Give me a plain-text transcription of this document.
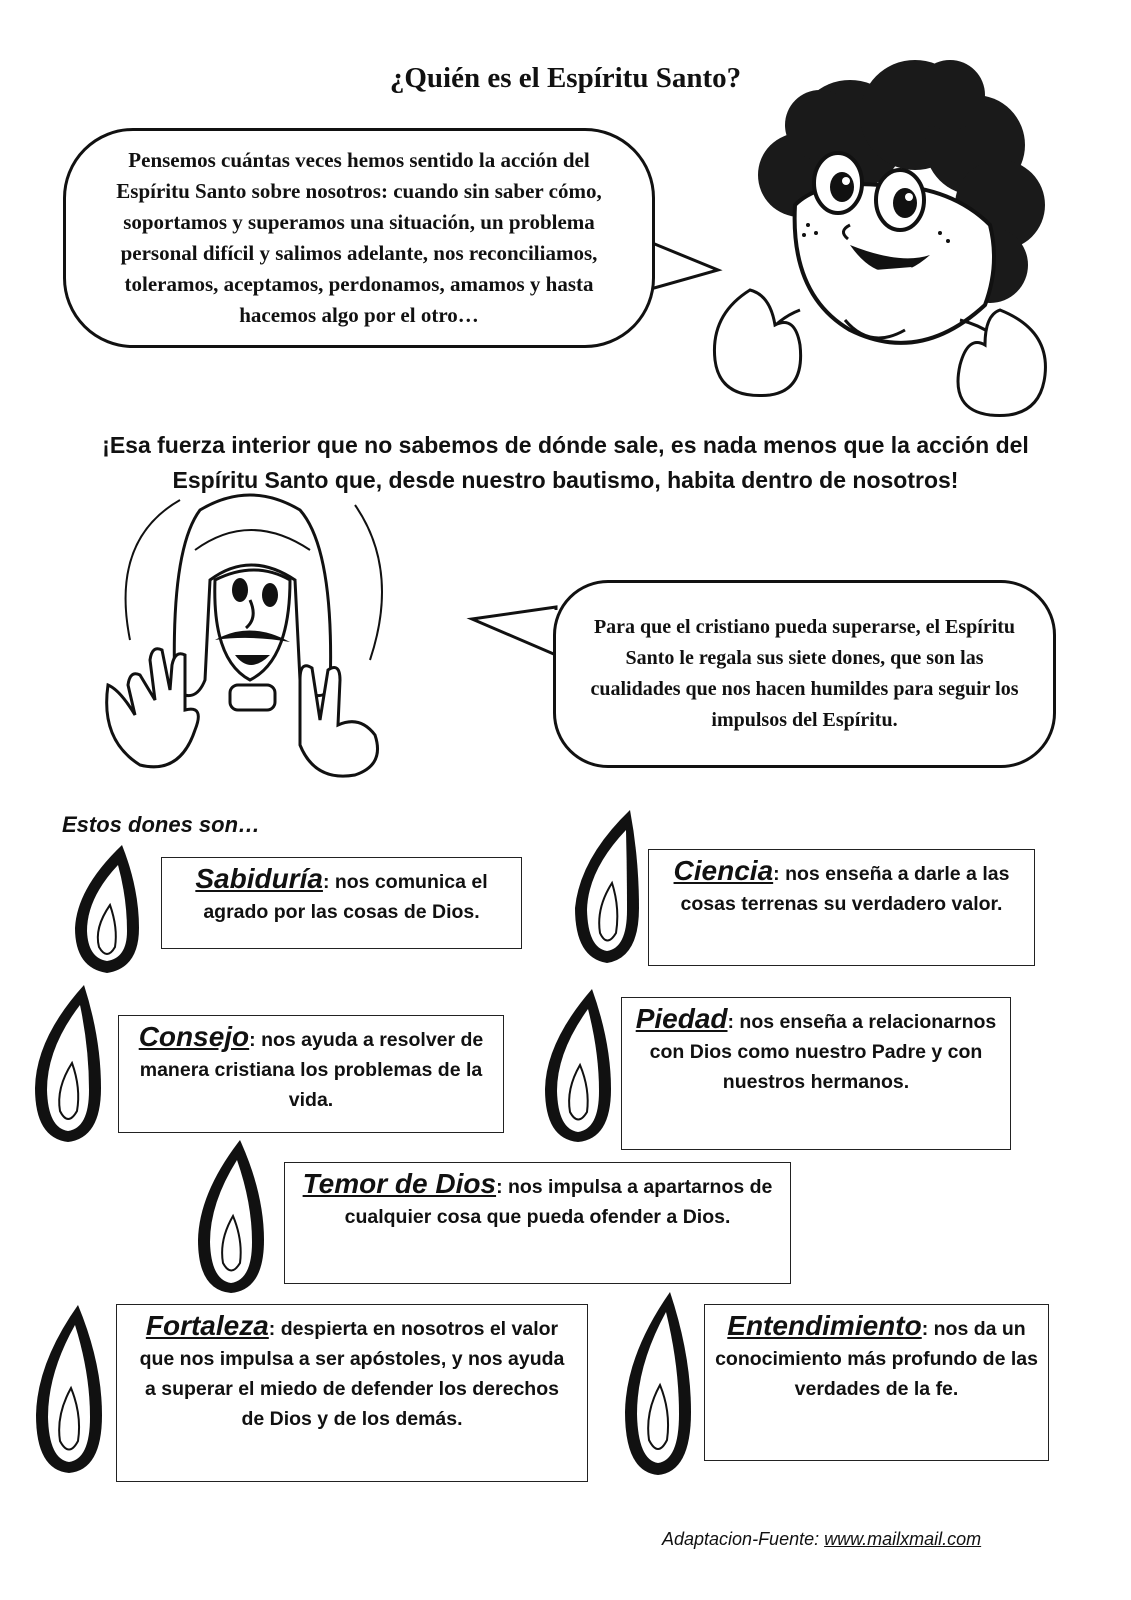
¿Quién es el Espíritu Santo?
Pensemos cuántas veces hemos sentido la acción del Espíritu Santo sobre nosotros: cuando sin saber cómo, soportamos y superamos una situación, un problema personal difícil y salimos adelante, nos reconciliamos, toleramos, aceptamos, perdonamos, amamos y hasta hacemos algo por el otro…
¡Esa fuerza interior que no sabemos de dónde sale, es nada menos que la acción del Espíritu Santo que, desde nuestro bautismo, habita dentro de nosotros!
Para que el cristiano pueda superarse, el Espíritu Santo le regala sus siete dones, que son las cualidades que nos hacen humildes para seguir los impulsos del Espíritu.
Estos dones son…
Sabiduría: nos comunica el agrado por las cosas de Dios.
Ciencia: nos enseña a darle a las cosas terrenas su verdadero valor.
Consejo: nos ayuda a resolver de manera cristiana los problemas de la vida.
Piedad: nos enseña a relacionarnos con Dios como nuestro Padre y con nuestros hermanos.
Temor de Dios: nos impulsa a apartarnos de cualquier cosa que pueda ofender a Dios.
Fortaleza: despierta en nosotros el valor que nos impulsa a ser apóstoles, y nos ayuda a superar el miedo de defender los derechos de Dios y de los demás.
Entendimiento: nos da un conocimiento más profundo de las verdades de la fe.
Adaptacion-Fuente: www.mailxmail.com
